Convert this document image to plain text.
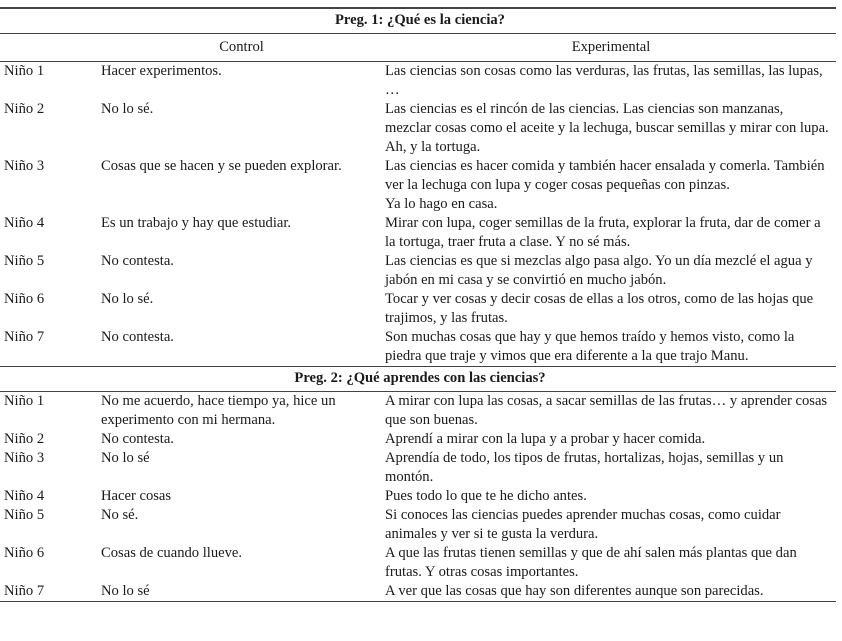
Preg. 1: ¿Qué es la ciencia?		
	Control	Experimental
Niño 1	Hacer experimentos.	Las ciencias son cosas como las verduras, las frutas, las semillas, las lupas, …
Niño 2	No lo sé.	Las ciencias es el rincón de las ciencias. Las ciencias son manzanas, mezclar cosas como el aceite y la lechuga, buscar semillas y mirar con lupa.
Ah, y la tortuga.

Niño 3	Cosas que se hacen y se pueden explorar.	Las ciencias es hacer comida y también hacer ensalada y comerla. También ver la lechuga con lupa y coger cosas pequeñas con pinzas.
Ya lo hago en casa.

Niño 4	Es un trabajo y hay que estudiar.	Mirar con lupa, coger semillas de la fruta, explorar la fruta, dar de comer a la tortuga, traer fruta a clase. Y no sé más.
Niño 5	No contesta.	Las ciencias es que si mezclas algo pasa algo. Yo un día mezclé el agua y jabón en mi casa y se convirtió en mucho jabón.
Niño 6	No lo sé.	Tocar y ver cosas y decir cosas de ellas a los otros, como de las hojas que trajimos, y las frutas.
Niño 7	No contesta.	Son muchas cosas que hay y que hemos traído y hemos visto, como la piedra que traje y vimos que era diferente a la que trajo Manu.
Preg. 2: ¿Qué aprendes con las ciencias?		
Niño 1	No me acuerdo, hace tiempo ya, hice un experimento con mi hermana.	A mirar con lupa las cosas, a sacar semillas de las frutas… y aprender cosas que son buenas.
Niño 2	No contesta.	Aprendí a mirar con la lupa y a probar y hacer comida.
Niño 3	No lo sé	Aprendía de todo, los tipos de frutas, hortalizas, hojas, semillas y un montón.
Niño 4	Hacer cosas	Pues todo lo que te he dicho antes.
Niño 5	No sé.	Si conoces las ciencias puedes aprender muchas cosas, como cuidar animales y ver si te gusta la verdura.
Niño 6	Cosas de cuando llueve.	A que las frutas tienen semillas y que de ahí salen más plantas que dan frutas. Y otras cosas importantes.
Niño 7	No lo sé	A ver que las cosas que hay son diferentes aunque son parecidas.
